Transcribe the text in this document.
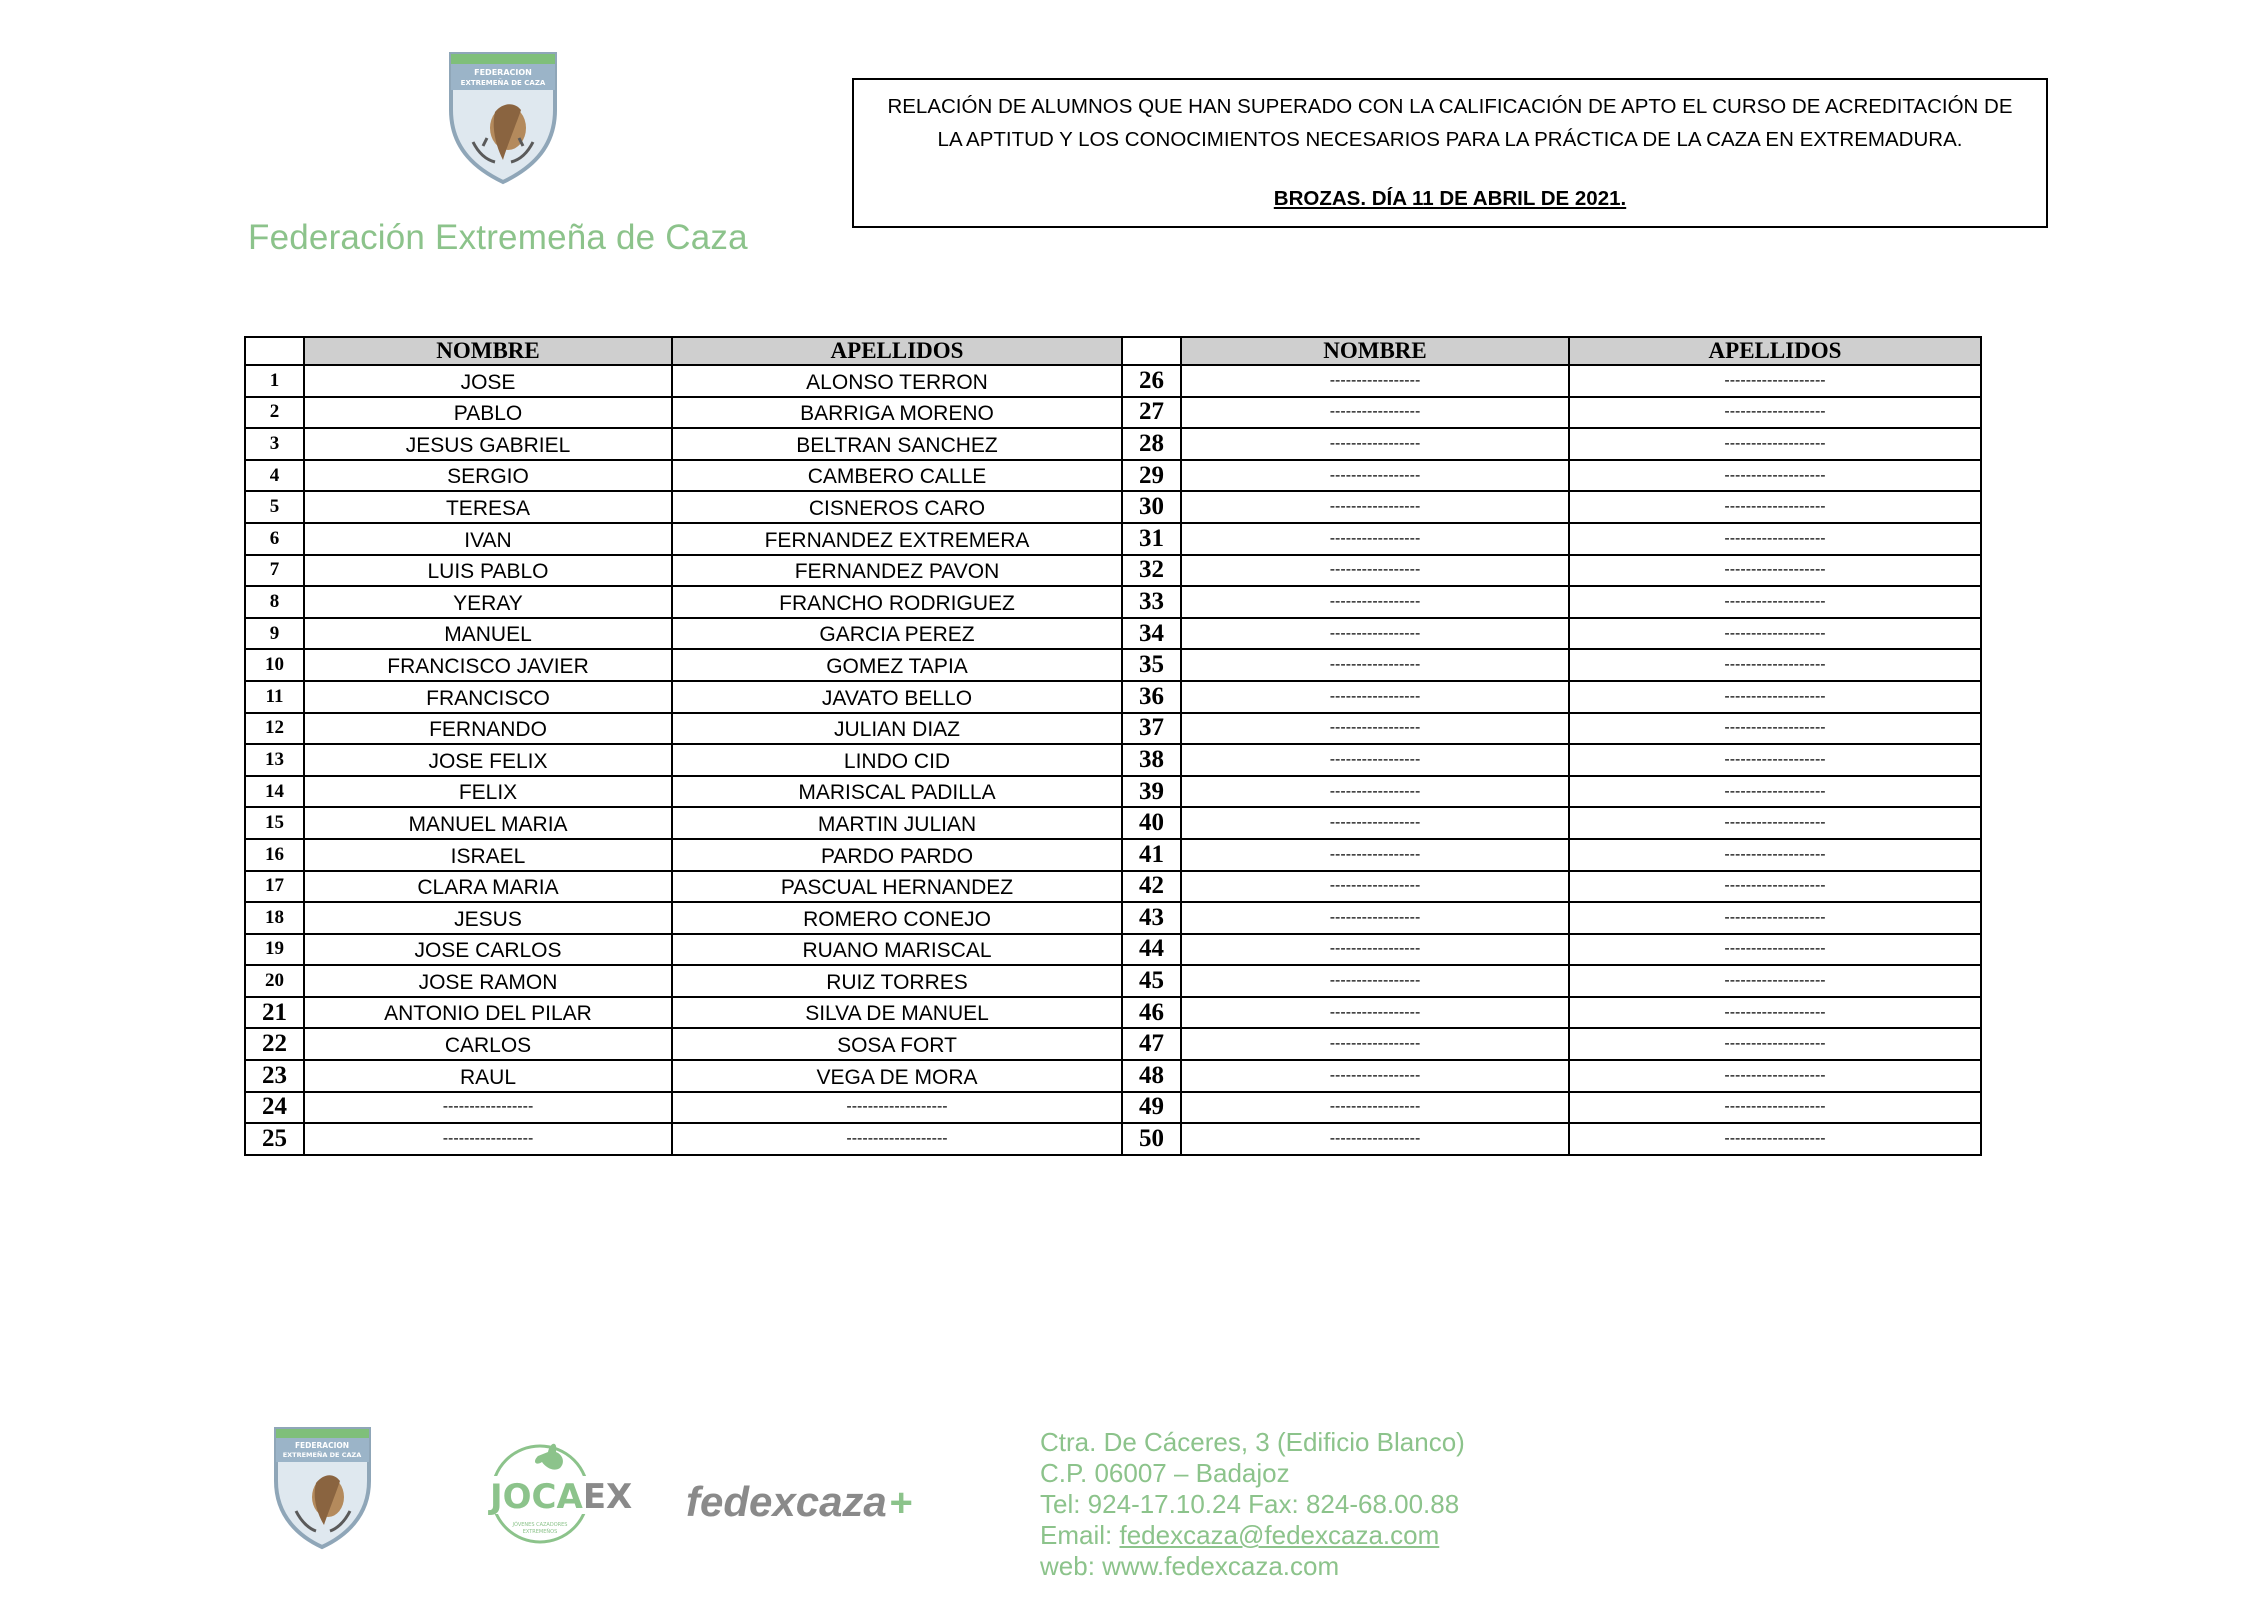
FEDERACION
EXTREMEÑA DE CAZA
Federación Extremeña de Caza
RELACIÓN DE ALUMNOS QUE HAN SUPERADO CON LA CALIFICACIÓN DE APTO EL CURSO DE ACREDITACIÓN DE
LA APTITUD Y LOS CONOCIMIENTOS NECESARIOS PARA LA PRÁCTICA DE LA CAZA EN EXTREMADURA.
BROZAS. DÍA 11 DE ABRIL DE 2021.
	NOMBRE	APELLIDOS		NOMBRE	APELLIDOS
1	JOSE	ALONSO TERRON	26	-----------------	-------------------
2	PABLO	BARRIGA MORENO	27	-----------------	-------------------
3	JESUS GABRIEL	BELTRAN SANCHEZ	28	-----------------	-------------------
4	SERGIO	CAMBERO CALLE	29	-----------------	-------------------
5	TERESA	CISNEROS CARO	30	-----------------	-------------------
6	IVAN	FERNANDEZ EXTREMERA	31	-----------------	-------------------
7	LUIS PABLO	FERNANDEZ PAVON	32	-----------------	-------------------
8	YERAY	FRANCHO RODRIGUEZ	33	-----------------	-------------------
9	MANUEL	GARCIA PEREZ	34	-----------------	-------------------
10	FRANCISCO JAVIER	GOMEZ TAPIA	35	-----------------	-------------------
11	FRANCISCO	JAVATO BELLO	36	-----------------	-------------------
12	FERNANDO	JULIAN DIAZ	37	-----------------	-------------------
13	JOSE FELIX	LINDO CID	38	-----------------	-------------------
14	FELIX	MARISCAL PADILLA	39	-----------------	-------------------
15	MANUEL MARIA	MARTIN JULIAN	40	-----------------	-------------------
16	ISRAEL	PARDO PARDO	41	-----------------	-------------------
17	CLARA MARIA	PASCUAL HERNANDEZ	42	-----------------	-------------------
18	JESUS	ROMERO CONEJO	43	-----------------	-------------------
19	JOSE CARLOS	RUANO MARISCAL	44	-----------------	-------------------
20	JOSE RAMON	RUIZ TORRES	45	-----------------	-------------------
21	ANTONIO DEL PILAR	SILVA DE MANUEL	46	-----------------	-------------------
22	CARLOS	SOSA FORT	47	-----------------	-------------------
23	RAUL	VEGA DE MORA	48	-----------------	-------------------
24	-----------------	-------------------	49	-----------------	-------------------
25	-----------------	-------------------	50	-----------------	-------------------
FEDERACION
EXTREMEÑA DE CAZA
JOCAEX
JÓVENES CAZADORES
EXTREMEÑOS
fedexcaza+
Ctra. De Cáceres, 3 (Edificio Blanco)
C.P. 06007 – Badajoz
Tel: 924-17.10.24 Fax: 824-68.00.88
Email: fedexcaza@fedexcaza.com
web: www.fedexcaza.com
